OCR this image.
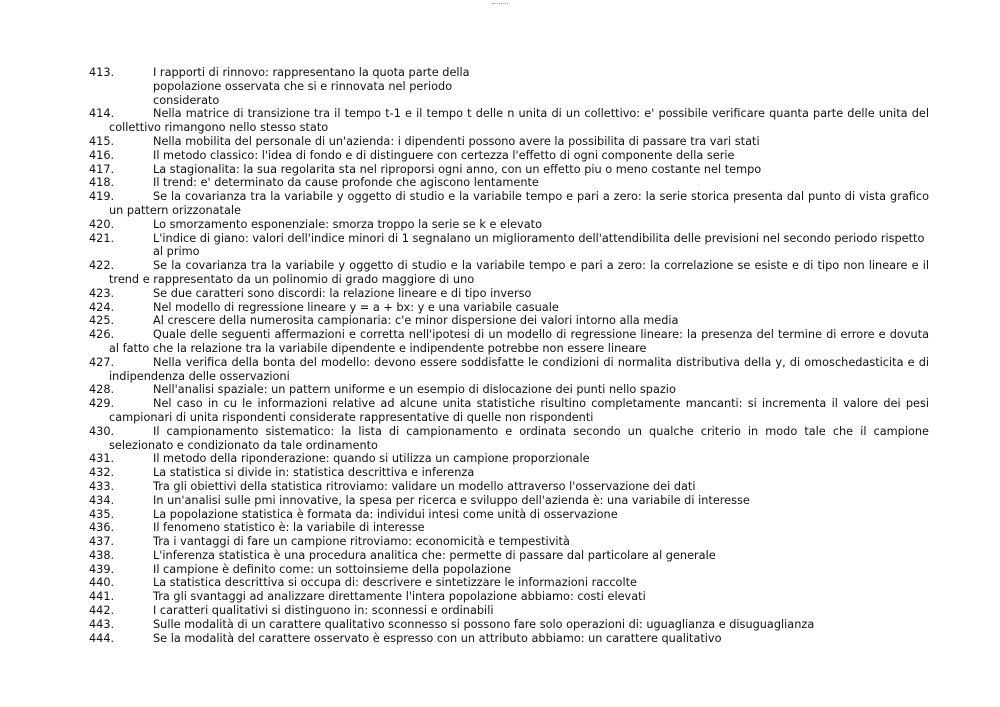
413.	I rapporti di rinnovo: rappresentano la quota parte della popolazione osservata che si e rinnovata nel periodo considerato
414.	Nella matrice di transizione tra il tempo t-1 e il tempo t delle n unita di un collettivo: e' possibile verificare quanta parte delle unita del collettivo rimangono nello stesso stato
415.	Nella mobilita del personale di un'azienda: i dipendenti possono avere la possibilita di passare tra vari stati
416.	Il metodo classico: l'idea di fondo e di distinguere con certezza l'effetto di ogni componente della serie
417.	La stagionalita: la sua regolarita sta nel riproporsi ogni anno, con un effetto piu o meno costante nel tempo
418.	Il trend: e' determinato da cause profonde che agiscono lentamente
419.	Se la covarianza tra la variabile y oggetto di studio e la variabile tempo e pari a zero: la serie storica presenta dal punto di vista grafico un pattern orizzonatale
420.	Lo smorzamento esponenziale: smorza troppo la serie se k e elevato
421.	L'indice di giano: valori dell'indice minori di 1 segnalano un miglioramento dell'attendibilita delle previsioni nel secondo periodo rispetto al primo
422.	Se la covarianza tra la variabile y oggetto di studio e la variabile tempo e pari a zero: la correlazione se esiste e di tipo non lineare e il trend e rappresentato da un polinomio di grado maggiore di uno
423.	Se due caratteri sono discordi: la relazione lineare e di tipo inverso
424.	Nel modello di regressione lineare y = a + bx: y e una variabile casuale
425.	Al crescere della numerosita campionaria: c'e minor dispersione dei valori intorno alla media
426.	Quale delle seguenti affermazioni e corretta nell'ipotesi di un modello di regressione lineare: la presenza del termine di errore e dovuta al fatto che la relazione tra la variabile dipendente e indipendente potrebbe non essere lineare
427.	Nella verifica della bonta del modello: devono essere soddisfatte le condizioni di normalita distributiva della y, di omoschedasticita e di indipendenza delle osservazioni
428.	Nell'analisi spaziale: un pattern uniforme e un esempio di dislocazione dei punti nello spazio
429.	Nel caso in cu le informazioni relative ad alcune unita statistiche risultino completamente mancanti: si incrementa il valore dei pesi campionari di unita rispondenti considerate rappresentative di quelle non rispondenti
430.	Il campionamento sistematico: la lista di campionamento e ordinata secondo un qualche criterio in modo tale che il campione selezionato e condizionato da tale ordinamento
431.	Il metodo della riponderazione: quando si utilizza un campione proporzionale
432.	La statistica si divide in: statistica descrittiva e inferenza
433.	Tra gli obiettivi della statistica ritroviamo: validare un modello attraverso l'osservazione dei dati
434.	In un'analisi sulle pmi innovative, la spesa per ricerca e sviluppo dell'azienda è: una variabile di interesse
435.	La popolazione statistica è formata da: individui intesi come unità di osservazione
436.	Il fenomeno statistico è: la variabile di interesse
437.	Tra i vantaggi di fare un campione ritroviamo: economicità e tempestività
438.	L'inferenza statistica è una procedura analitica che: permette di passare dal particolare al generale
439.	Il campione è definito come: un sottoinsieme della popolazione
440.	La statistica descrittiva si occupa di: descrivere e sintetizzare le informazioni raccolte
441.	Tra gli svantaggi ad analizzare direttamente l'intera popolazione abbiamo: costi elevati
442.	I caratteri qualitativi si distinguono in: sconnessi e ordinabili
443.	Sulle modalità di un carattere qualitativo sconnesso si possono fare solo operazioni di: uguaglianza e disuguaglianza
444.	Se la modalità del carattere osservato è espresso con un attributo abbiamo: un carattere qualitativo
